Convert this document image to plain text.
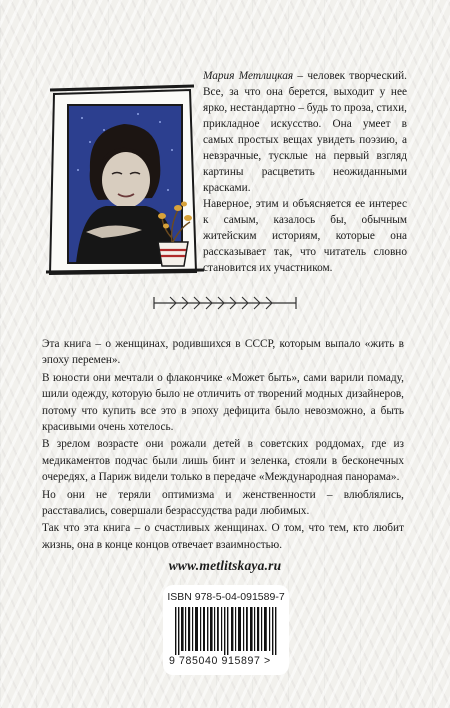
Мария Метлицкая – человек творческий. Все, за что она берется, выходит у нее ярко, нестандартно – будь то проза, стихи, прикладное искусство. Она умеет в самых простых вещах увидеть поэзию, а невзрачные, тусклые на первый взгляд картины расцветить неожиданными красками.

Наверное, этим и объясняется ее интерес к самым, казалось бы, обычным житейским историям, которые она рассказывает так, что читатель словно становится их участником.

Эта книга – о женщинах, родившихся в СССР, которым выпало «жить в эпоху перемен».

В юности они мечтали о флакончике «Может быть», сами варили помаду, шили одежду, которую было не отличить от творений модных дизайнеров, потому что купить все это в эпоху дефицита было невозможно, а быть красивыми очень хотелось.

В зрелом возрасте они рожали детей в советских роддомах, где из медикаментов подчас были лишь бинт и зеленка, стояли в бесконечных очередях, а Париж видели только в передаче «Международная панорама».

Но они не теряли оптимизма и женственности – влюблялись, расставались, совершали безрассудства ради любимых.

Так что эта книга – о счастливых женщинах. О том, что тем, кто любит жизнь, она в конце концов отвечает взаимностью.

www.metlitskaya.ru
ISBN 978-5-04-091589-7
9 785040 915897 >
